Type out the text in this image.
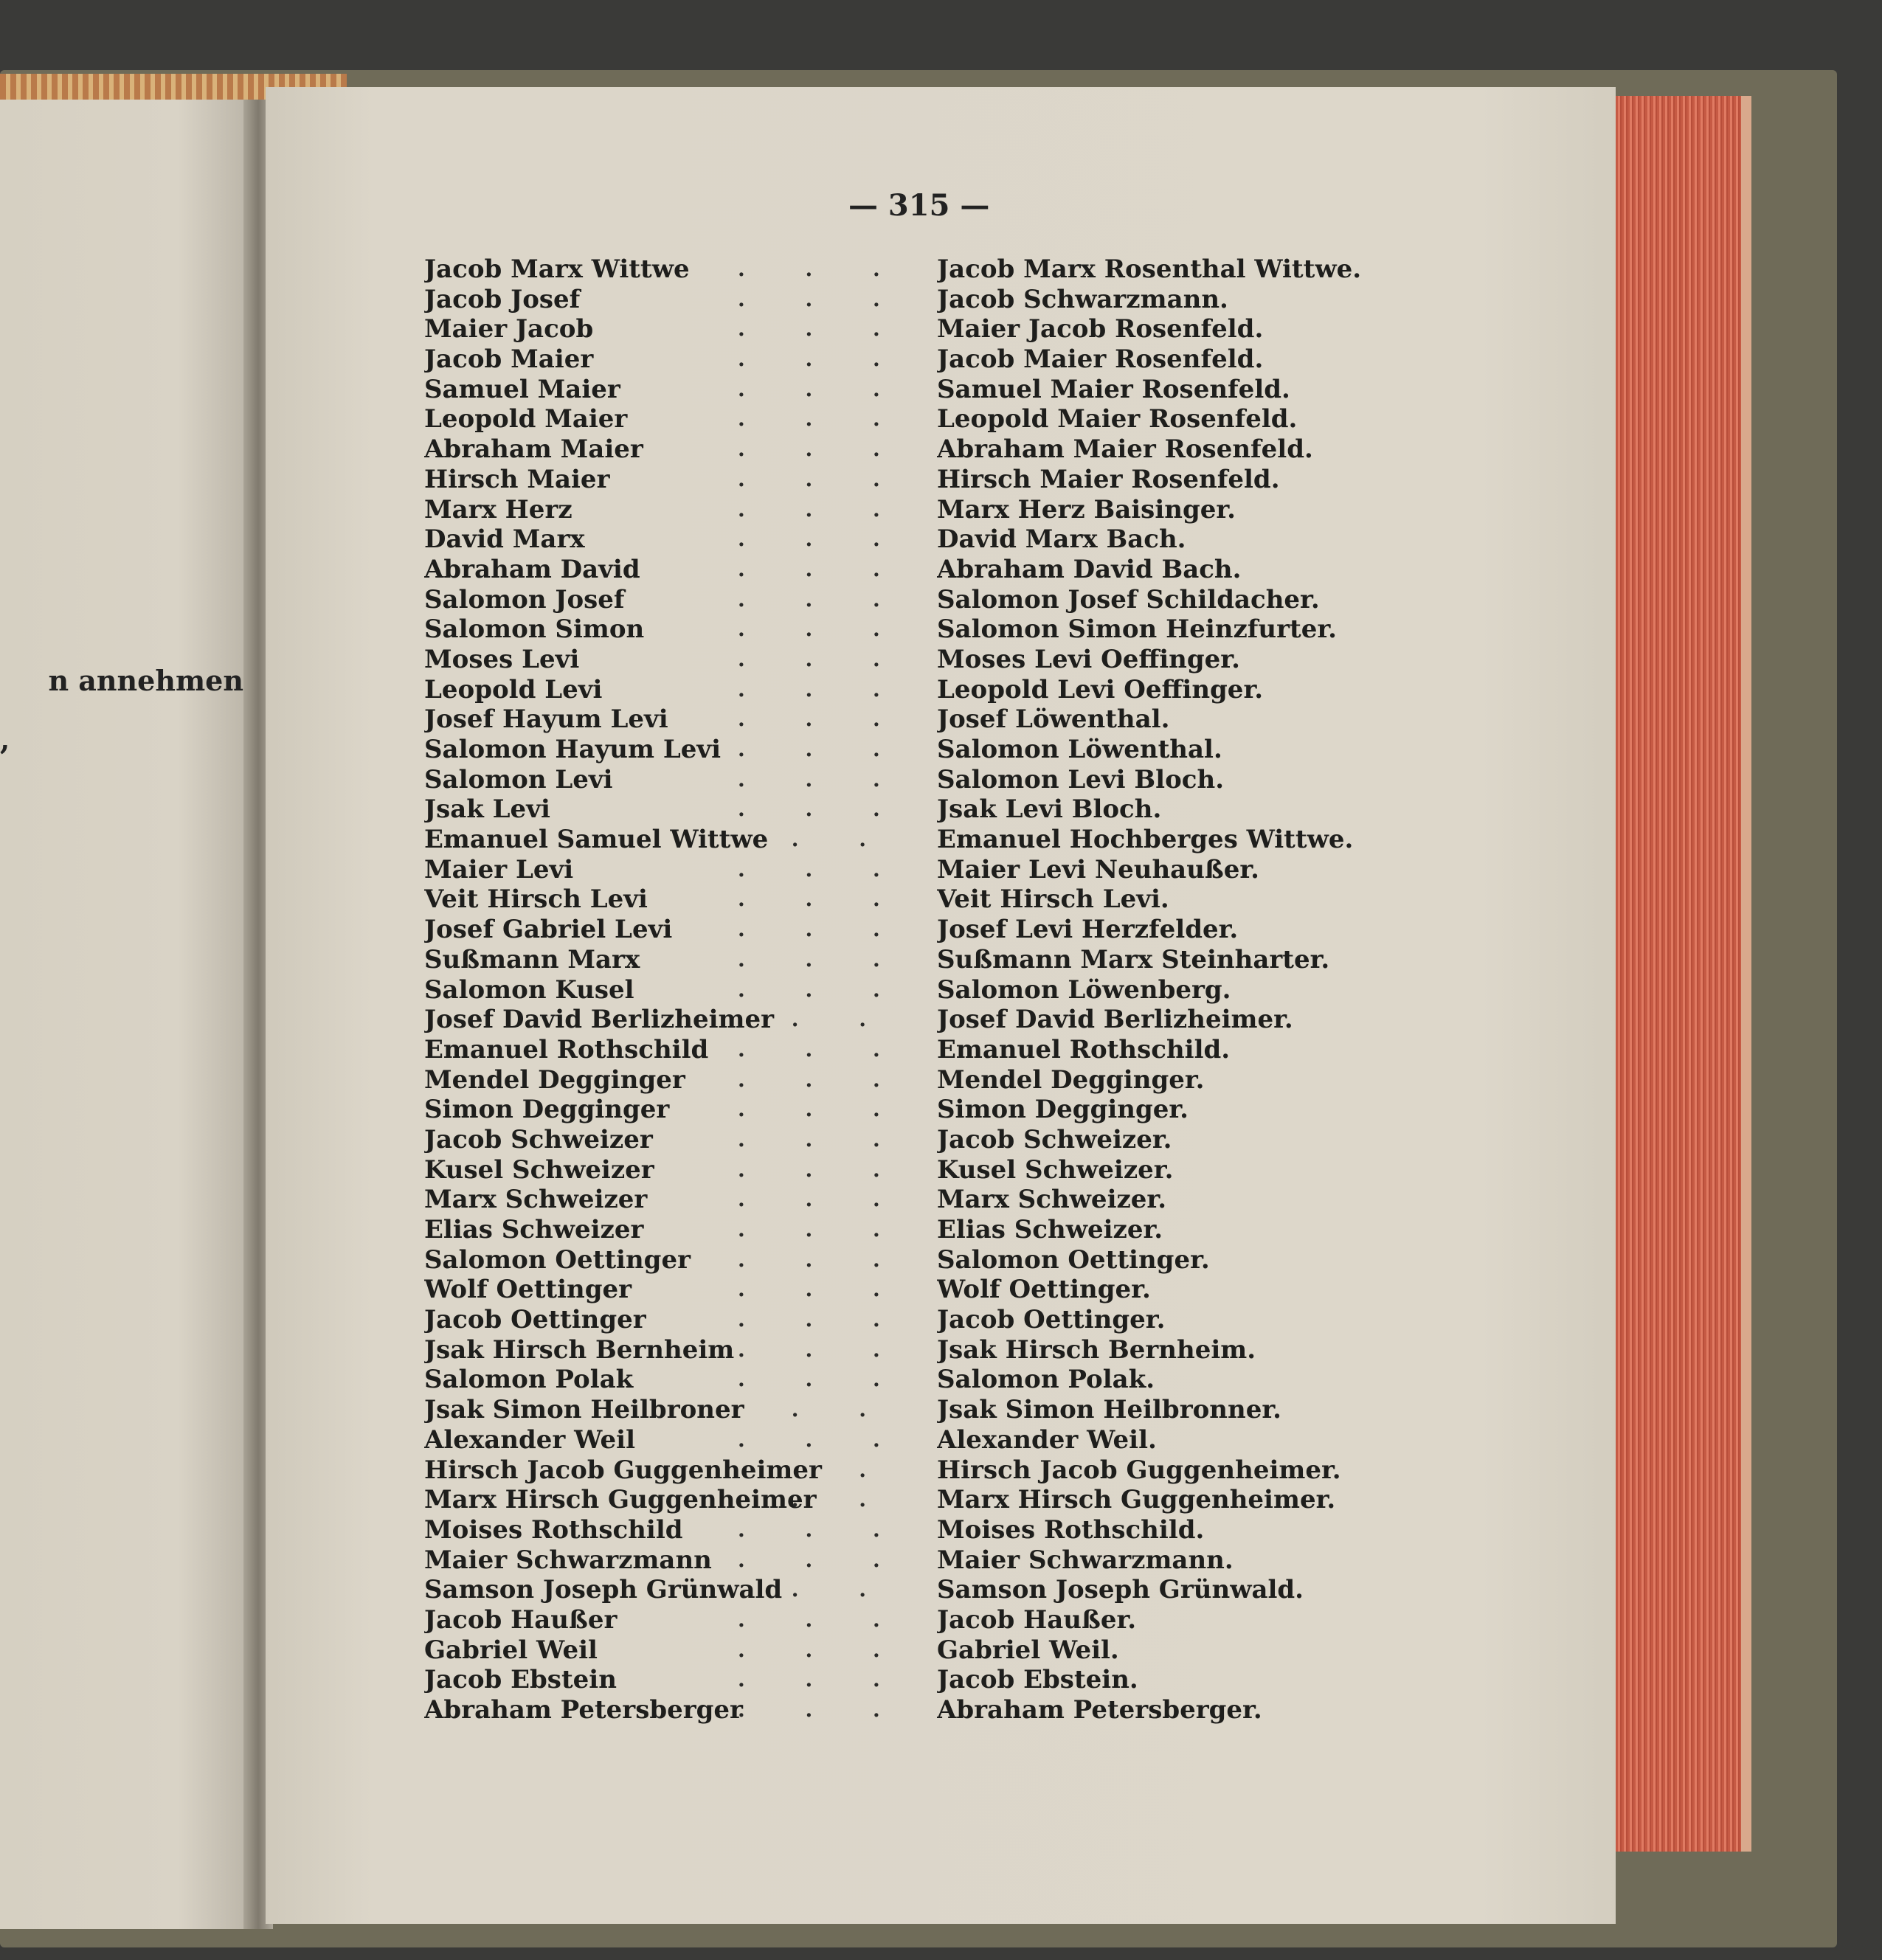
n annehmen
,
— 315 —
Jacob Marx Wittwe
Jacob Josef
Maier Jacob
Jacob Maier
Samuel Maier
Leopold Maier
Abraham Maier
Hirsch Maier
Marx Herz
David Marx
Abraham David
Salomon Josef
Salomon Simon
Moses Levi
Leopold Levi
Josef Hayum Levi
Salomon Hayum Levi
Salomon Levi
Jsak Levi
Emanuel Samuel Wittwe
Maier Levi
Veit Hirsch Levi
Josef Gabriel Levi
Sußmann Marx
Salomon Kusel
Josef David Berlizheimer
Emanuel Rothschild
Mendel Degginger
Simon Degginger
Jacob Schweizer
Kusel Schweizer
Marx Schweizer
Elias Schweizer
Salomon Oettinger
Wolf Oettinger
Jacob Oettinger
Jsak Hirsch Bernheim
Salomon Polak
Jsak Simon Heilbroner
Alexander Weil
Hirsch Jacob Guggenheimer
Marx Hirsch Guggenheimer
Moises Rothschild
Maier Schwarzmann
Samson Joseph Grünwald
Jacob Haußer
Gabriel Weil
Jacob Ebstein
Abraham Petersberger
. . .
. . .
. . .
. . .
. . .
. . .
. . .
. . .
. . .
. . .
. . .
. . .
. . .
. . .
. . .
. . .
. . .
. . .
. . .
. .
. . .
. . .
. . .
. . .
. . .
. .
. . .
. . .
. . .
. . .
. . .
. . .
. . .
. . .
. . .
. . .
. . .
. . .
. .
. . .
.
. .
. . .
. . .
. .
. . .
. . .
. . .
. . .
Jacob Marx Rosenthal Wittwe.
Jacob Schwarzmann.
Maier Jacob Rosenfeld.
Jacob Maier Rosenfeld.
Samuel Maier Rosenfeld.
Leopold Maier Rosenfeld.
Abraham Maier Rosenfeld.
Hirsch Maier Rosenfeld.
Marx Herz Baisinger.
David Marx Bach.
Abraham David Bach.
Salomon Josef Schildacher.
Salomon Simon Heinzfurter.
Moses Levi Oeffinger.
Leopold Levi Oeffinger.
Josef Löwenthal.
Salomon Löwenthal.
Salomon Levi Bloch.
Jsak Levi Bloch.
Emanuel Hochberges Wittwe.
Maier Levi Neuhaußer.
Veit Hirsch Levi.
Josef Levi Herzfelder.
Sußmann Marx Steinharter.
Salomon Löwenberg.
Josef David Berlizheimer.
Emanuel Rothschild.
Mendel Degginger.
Simon Degginger.
Jacob Schweizer.
Kusel Schweizer.
Marx Schweizer.
Elias Schweizer.
Salomon Oettinger.
Wolf Oettinger.
Jacob Oettinger.
Jsak Hirsch Bernheim.
Salomon Polak.
Jsak Simon Heilbronner.
Alexander Weil.
Hirsch Jacob Guggenheimer.
Marx Hirsch Guggenheimer.
Moises Rothschild.
Maier Schwarzmann.
Samson Joseph Grünwald.
Jacob Haußer.
Gabriel Weil.
Jacob Ebstein.
Abraham Petersberger.
